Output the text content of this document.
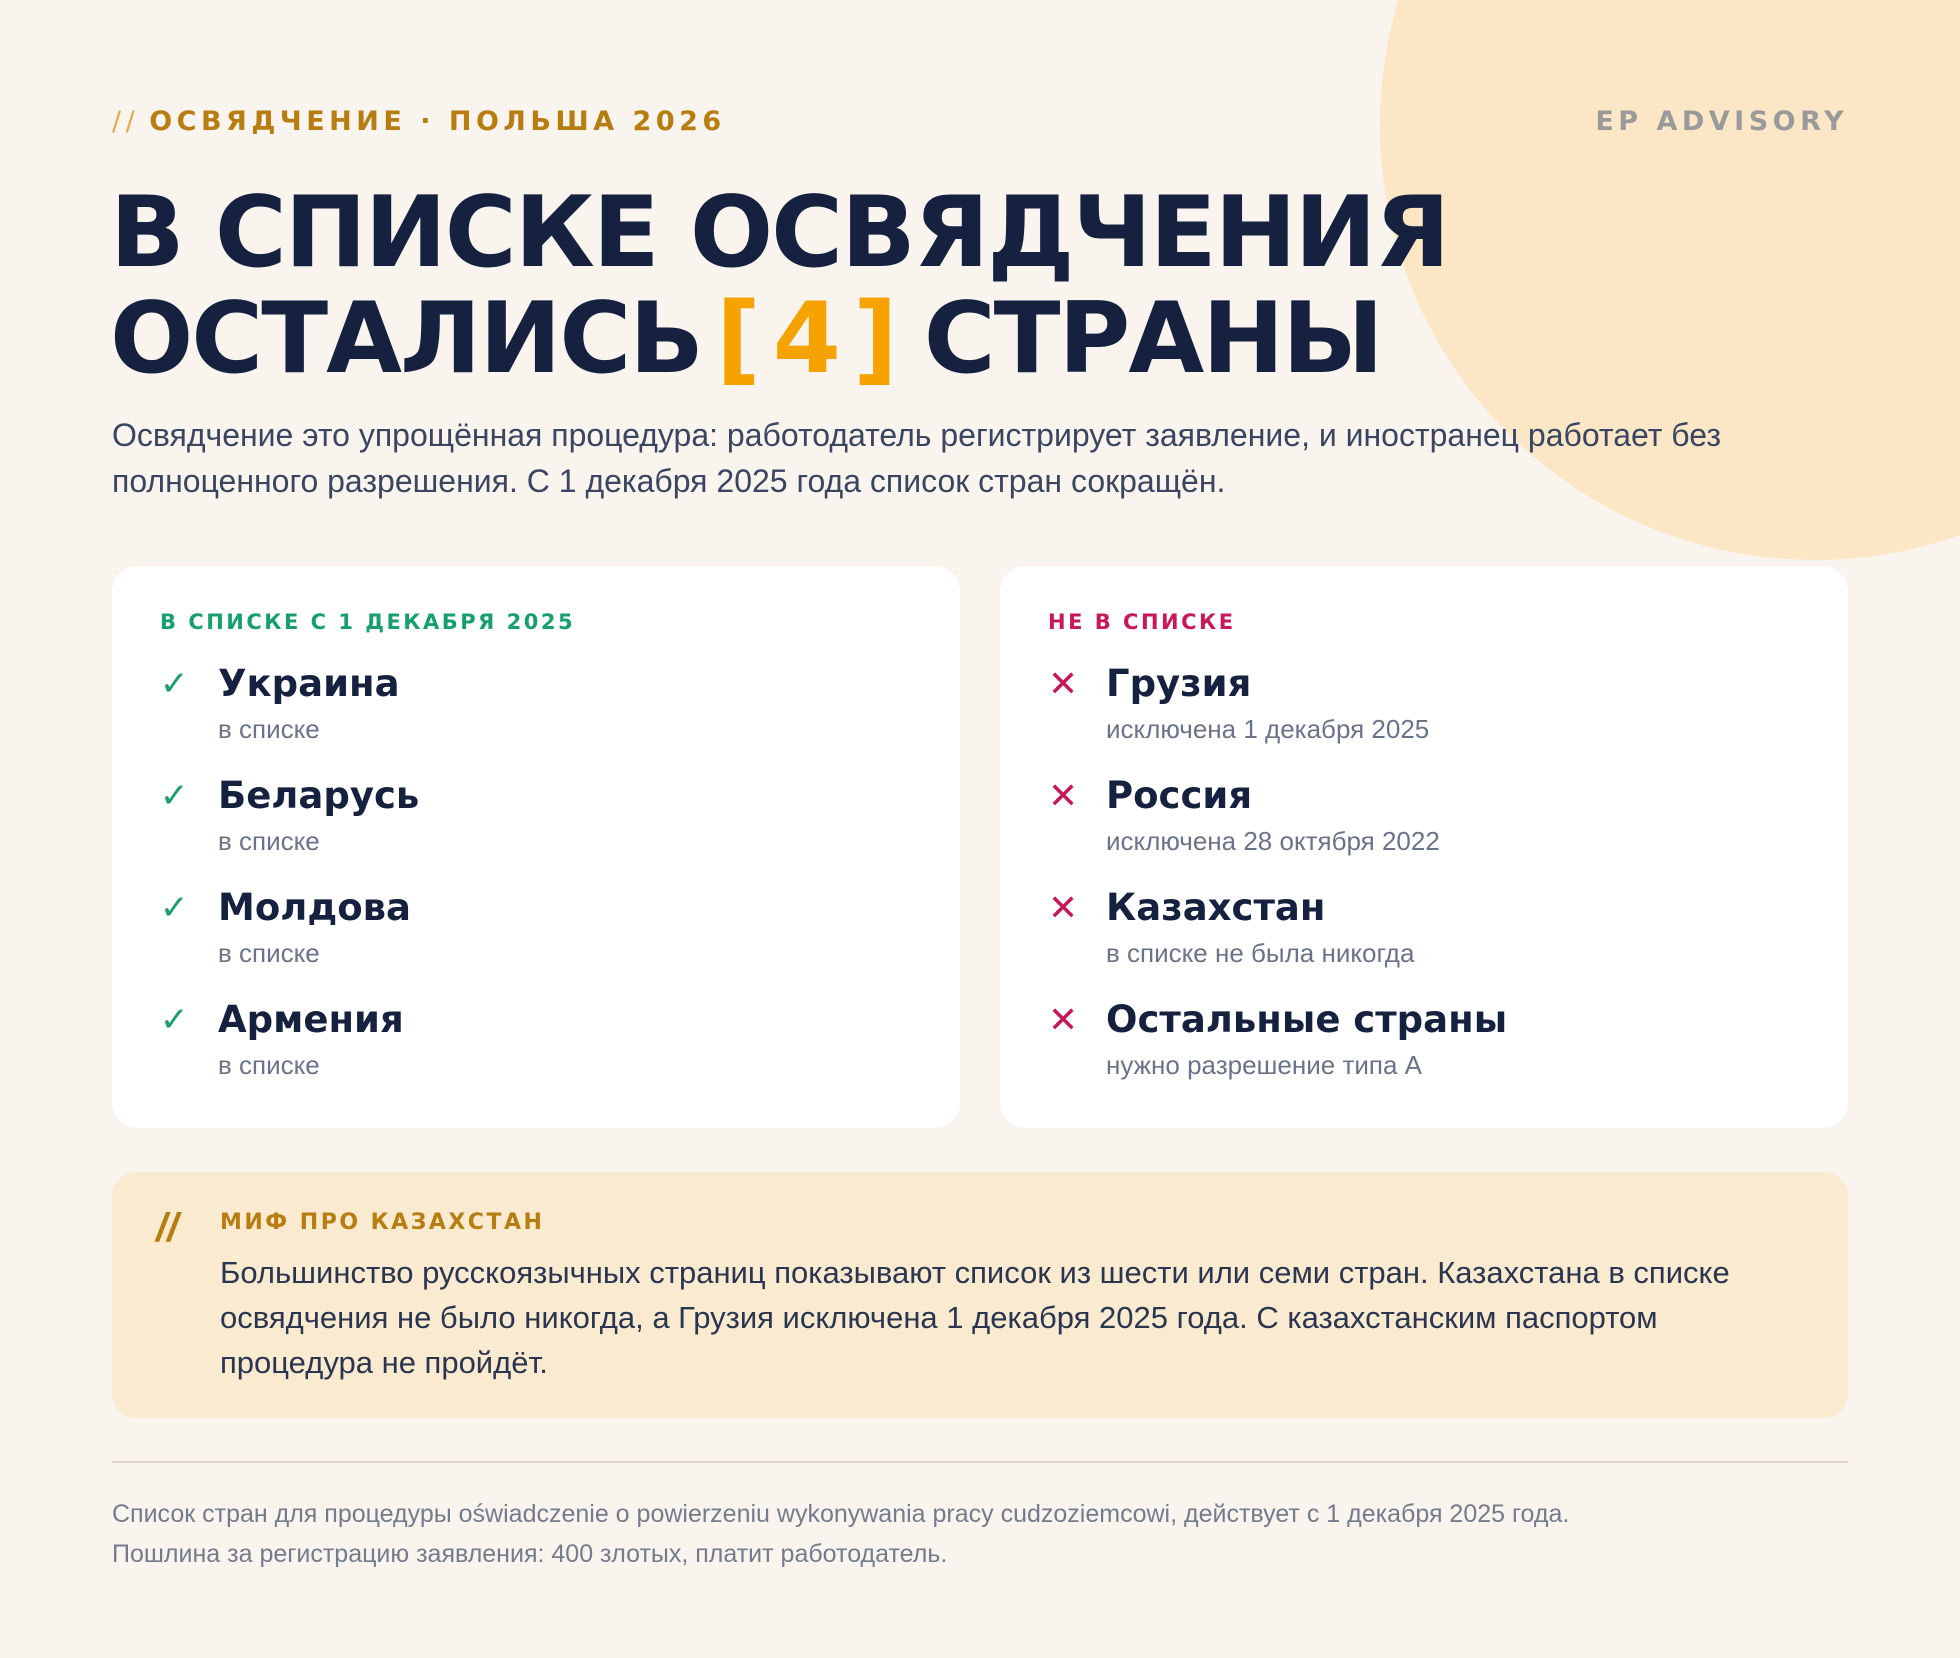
// ОСВЯДЧЕНИЕ · ПОЛЬША 2026	EP ADVISORY
В СПИСКЕ ОСВЯДЧЕНИЯ
ОСТАЛИСЬ [4] СТРАНЫ

Освядчение это упрощённая процедура: работодатель регистрирует заявление, и иностранец работает без полноценного разрешения. С 1 декабря 2025 года список стран сокращён.

В СПИСКЕ С 1 ДЕКАБРЯ 2025
✓ Украина
в списке
✓ Беларусь
в списке
✓ Молдова
в списке
✓ Армения
в списке
НЕ В СПИСКЕ
✕ Грузия
исключена 1 декабря 2025
✕ Россия
исключена 28 октября 2022
✕ Казахстан
в списке не была никогда
✕ Остальные страны
нужно разрешение типа А
// МИФ ПРО КАЗАХСТАН
Большинство русскоязычных страниц показывают список из шести или семи стран. Казахстана в списке освядчения не было никогда, а Грузия исключена 1 декабря 2025 года. С казахстанским паспортом процедура не пройдёт.
Список стран для процедуры oświadczenie o powierzeniu wykonywania pracy cudzoziemcowi, действует с 1 декабря 2025 года.
Пошлина за регистрацию заявления: 400 злотых, платит работодатель.
